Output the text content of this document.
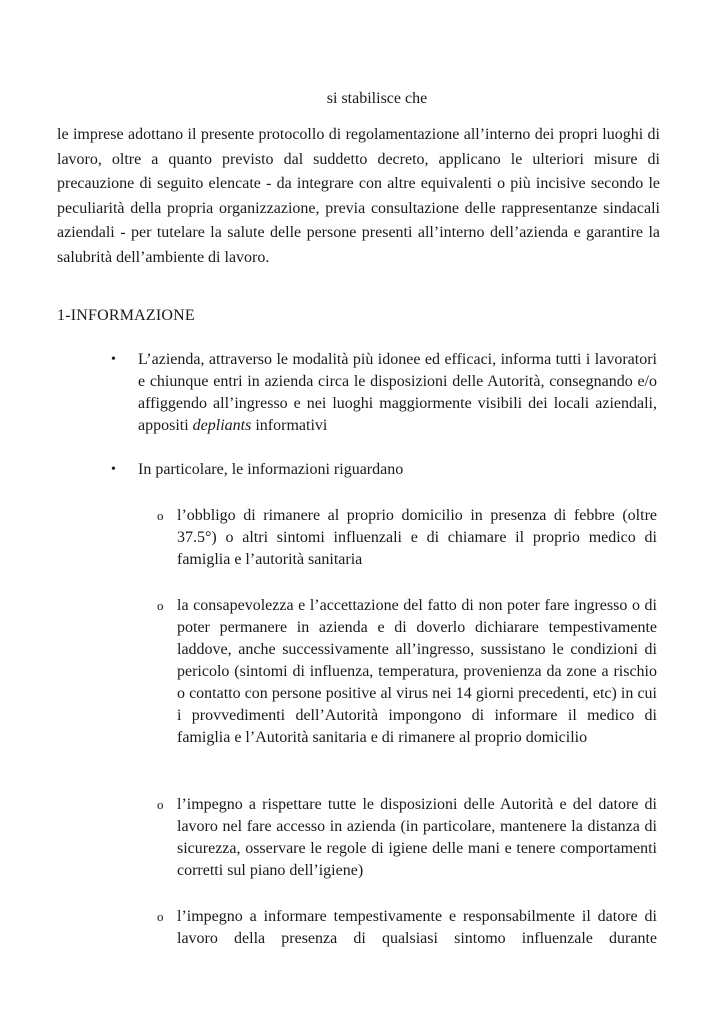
si stabilisce che
le imprese adottano il presente protocollo di regolamentazione all’interno dei propri luoghi di lavoro, oltre a quanto previsto dal suddetto decreto, applicano le ulteriori misure di precauzione di seguito elencate - da integrare con altre equivalenti o più incisive secondo le peculiarità della propria organizzazione, previa consultazione delle rappresentanze sindacali aziendali - per tutelare la salute delle persone presenti all’interno dell’azienda e garantire la salubrità dell’ambiente di lavoro.
1-INFORMAZIONE
• L’azienda, attraverso le modalità più idonee ed efficaci, informa tutti i lavoratori e chiunque entri in azienda circa le disposizioni delle Autorità, consegnando e/o affiggendo all’ingresso e nei luoghi maggiormente visibili dei locali aziendali, appositi depliants informativi
• In particolare, le informazioni riguardano
o l’obbligo di rimanere al proprio domicilio in presenza di febbre (oltre 37.5°) o altri sintomi influenzali e di chiamare il proprio medico di famiglia e l’autorità sanitaria
o la consapevolezza e l’accettazione del fatto di non poter fare ingresso o di poter permanere in azienda e di doverlo dichiarare tempestivamente laddove, anche successivamente all’ingresso, sussistano le condizioni di pericolo (sintomi di influenza, temperatura, provenienza da zone a rischio o contatto con persone positive al virus nei 14 giorni precedenti, etc) in cui i provvedimenti dell’Autorità impongono di informare il medico di famiglia e l’Autorità sanitaria e di rimanere al proprio domicilio
o l’impegno a rispettare tutte le disposizioni delle Autorità e del datore di lavoro nel fare accesso in azienda (in particolare, mantenere la distanza di sicurezza, osservare le regole di igiene delle mani e tenere comportamenti corretti sul piano dell’igiene)
o l’impegno a informare tempestivamente e responsabilmente il datore di lavoro della presenza di qualsiasi sintomo influenzale durante
